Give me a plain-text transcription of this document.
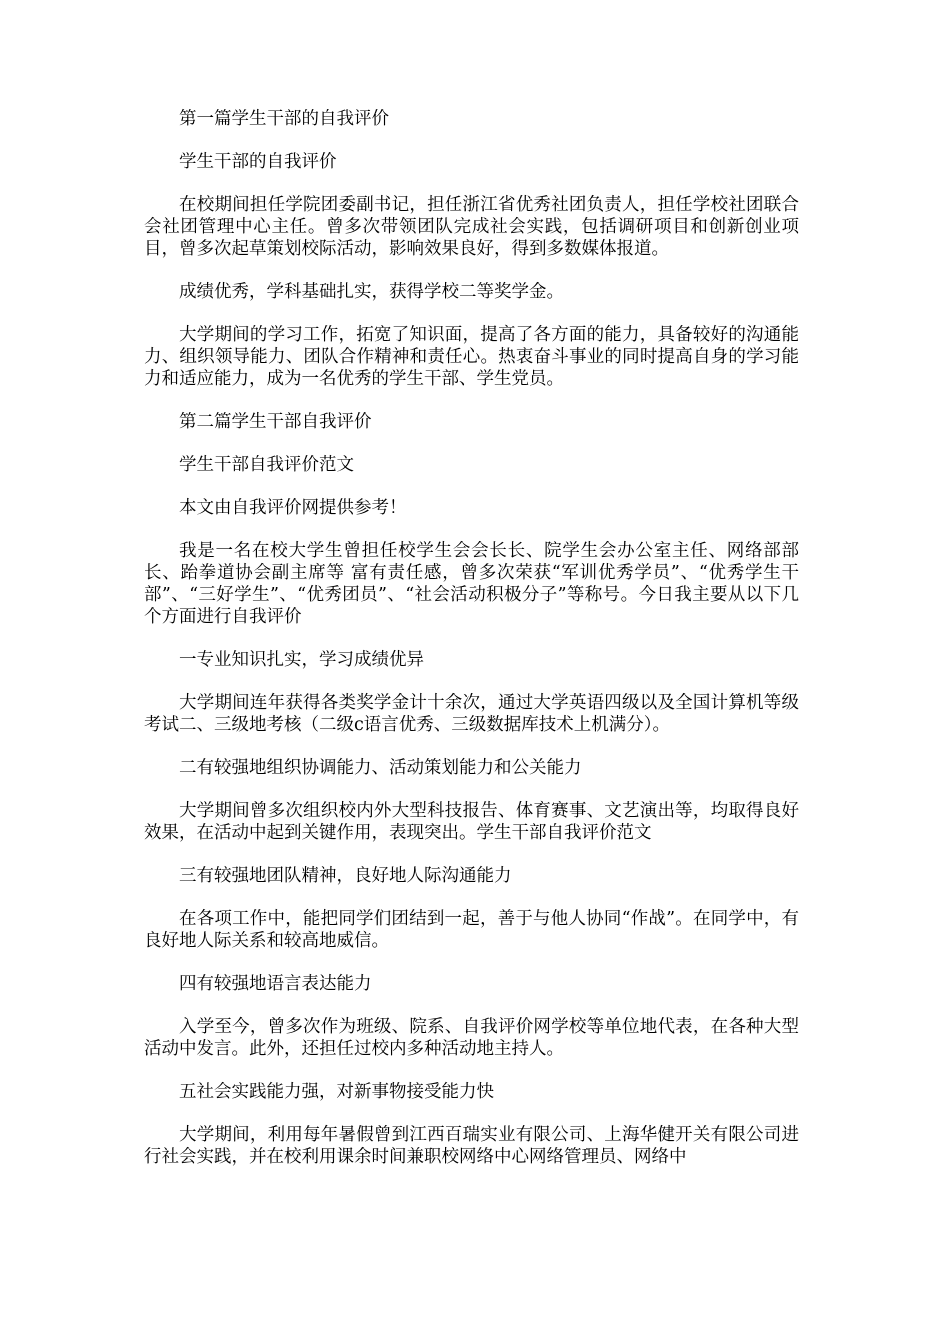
第一篇学生干部的自我评价

学生干部的自我评价

在校期间担任学院团委副书记，担任浙江省优秀社团负责人，担任学校社团联合会社团管理中心主任。曾多次带领团队完成社会实践，包括调研项目和创新创业项目，曾多次起草策划校际活动，影响效果良好，得到多数媒体报道。

成绩优秀，学科基础扎实，获得学校二等奖学金。

大学期间的学习工作，拓宽了知识面，提高了各方面的能力，具备较好的沟通能力、组织领导能力、团队合作精神和责任心。热衷奋斗事业的同时提高自身的学习能力和适应能力，成为一名优秀的学生干部、学生党员。

第二篇学生干部自我评价

学生干部自我评价范文

本文由自我评价网提供参考！

我是一名在校大学生曾担任校学生会会长长、院学生会办公室主任、网络部部长、跆拳道协会副主席等 富有责任感，曾多次荣获“军训优秀学员”、“优秀学生干部”、“三好学生”、“优秀团员”、“社会活动积极分子”等称号。今日我主要从以下几个方面进行自我评价

一专业知识扎实，学习成绩优异

大学期间连年获得各类奖学金计十余次，通过大学英语四级以及全国计算机等级考试二、三级地考核（二级c语言优秀、三级数据库技术上机满分）。

二有较强地组织协调能力、活动策划能力和公关能力

大学期间曾多次组织校内外大型科技报告、体育赛事、文艺演出等，均取得良好效果，在活动中起到关键作用，表现突出。学生干部自我评价范文

三有较强地团队精神，良好地人际沟通能力

在各项工作中，能把同学们团结到一起，善于与他人协同“作战”。在同学中，有良好地人际关系和较高地威信。

四有较强地语言表达能力

入学至今，曾多次作为班级、院系、自我评价网学校等单位地代表，在各种大型活动中发言。此外，还担任过校内多种活动地主持人。

五社会实践能力强，对新事物接受能力快

大学期间，利用每年暑假曾到江西百瑞实业有限公司、上海华健开关有限公司进行社会实践，并在校利用课余时间兼职校网络中心网络管理员、网络中
